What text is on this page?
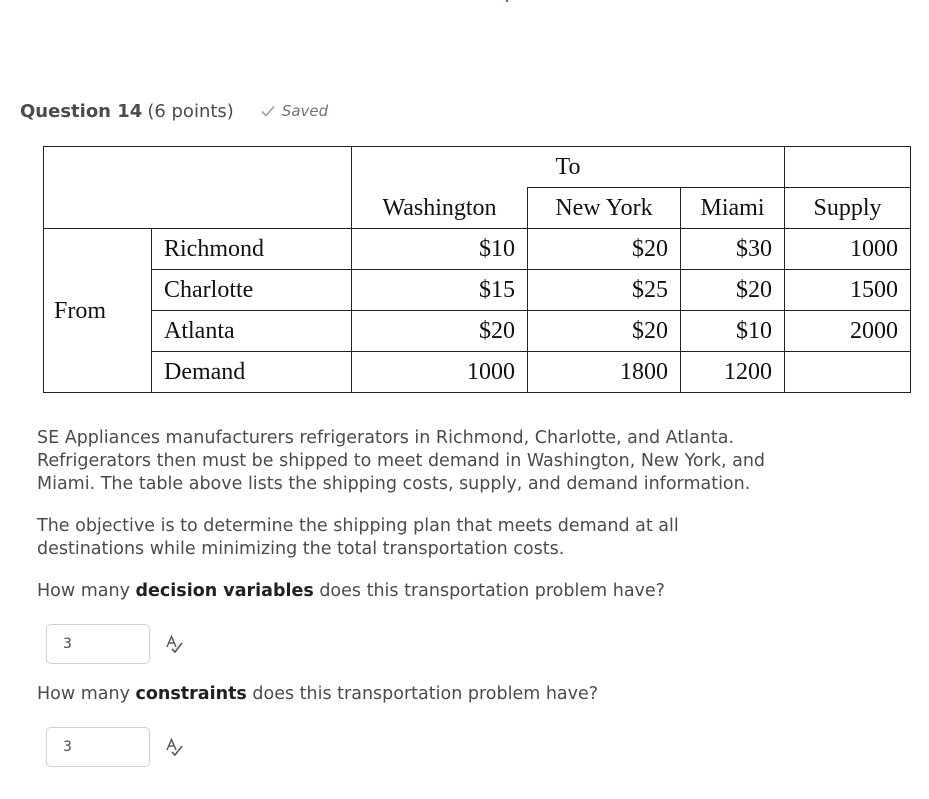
Question 14 (6 points)	Saved
		To			
		Washington	New York	Miami	Supply
From	Richmond	$10	$20	$30	1000
	Charlotte	$15	$25	$20	1500
	Atlanta	$20	$20	$10	2000
	Demand	1000	1800	1200	
SE Appliances manufacturers refrigerators in Richmond, Charlotte, and Atlanta.
Refrigerators then must be shipped to meet demand in Washington, New York, and
Miami. The table above lists the shipping costs, supply, and demand information.
The objective is to determine the shipping plan that meets demand at all
destinations while minimizing the total transportation costs.
How many decision variables does this transportation problem have?
3
How many constraints does this transportation problem have?
3
